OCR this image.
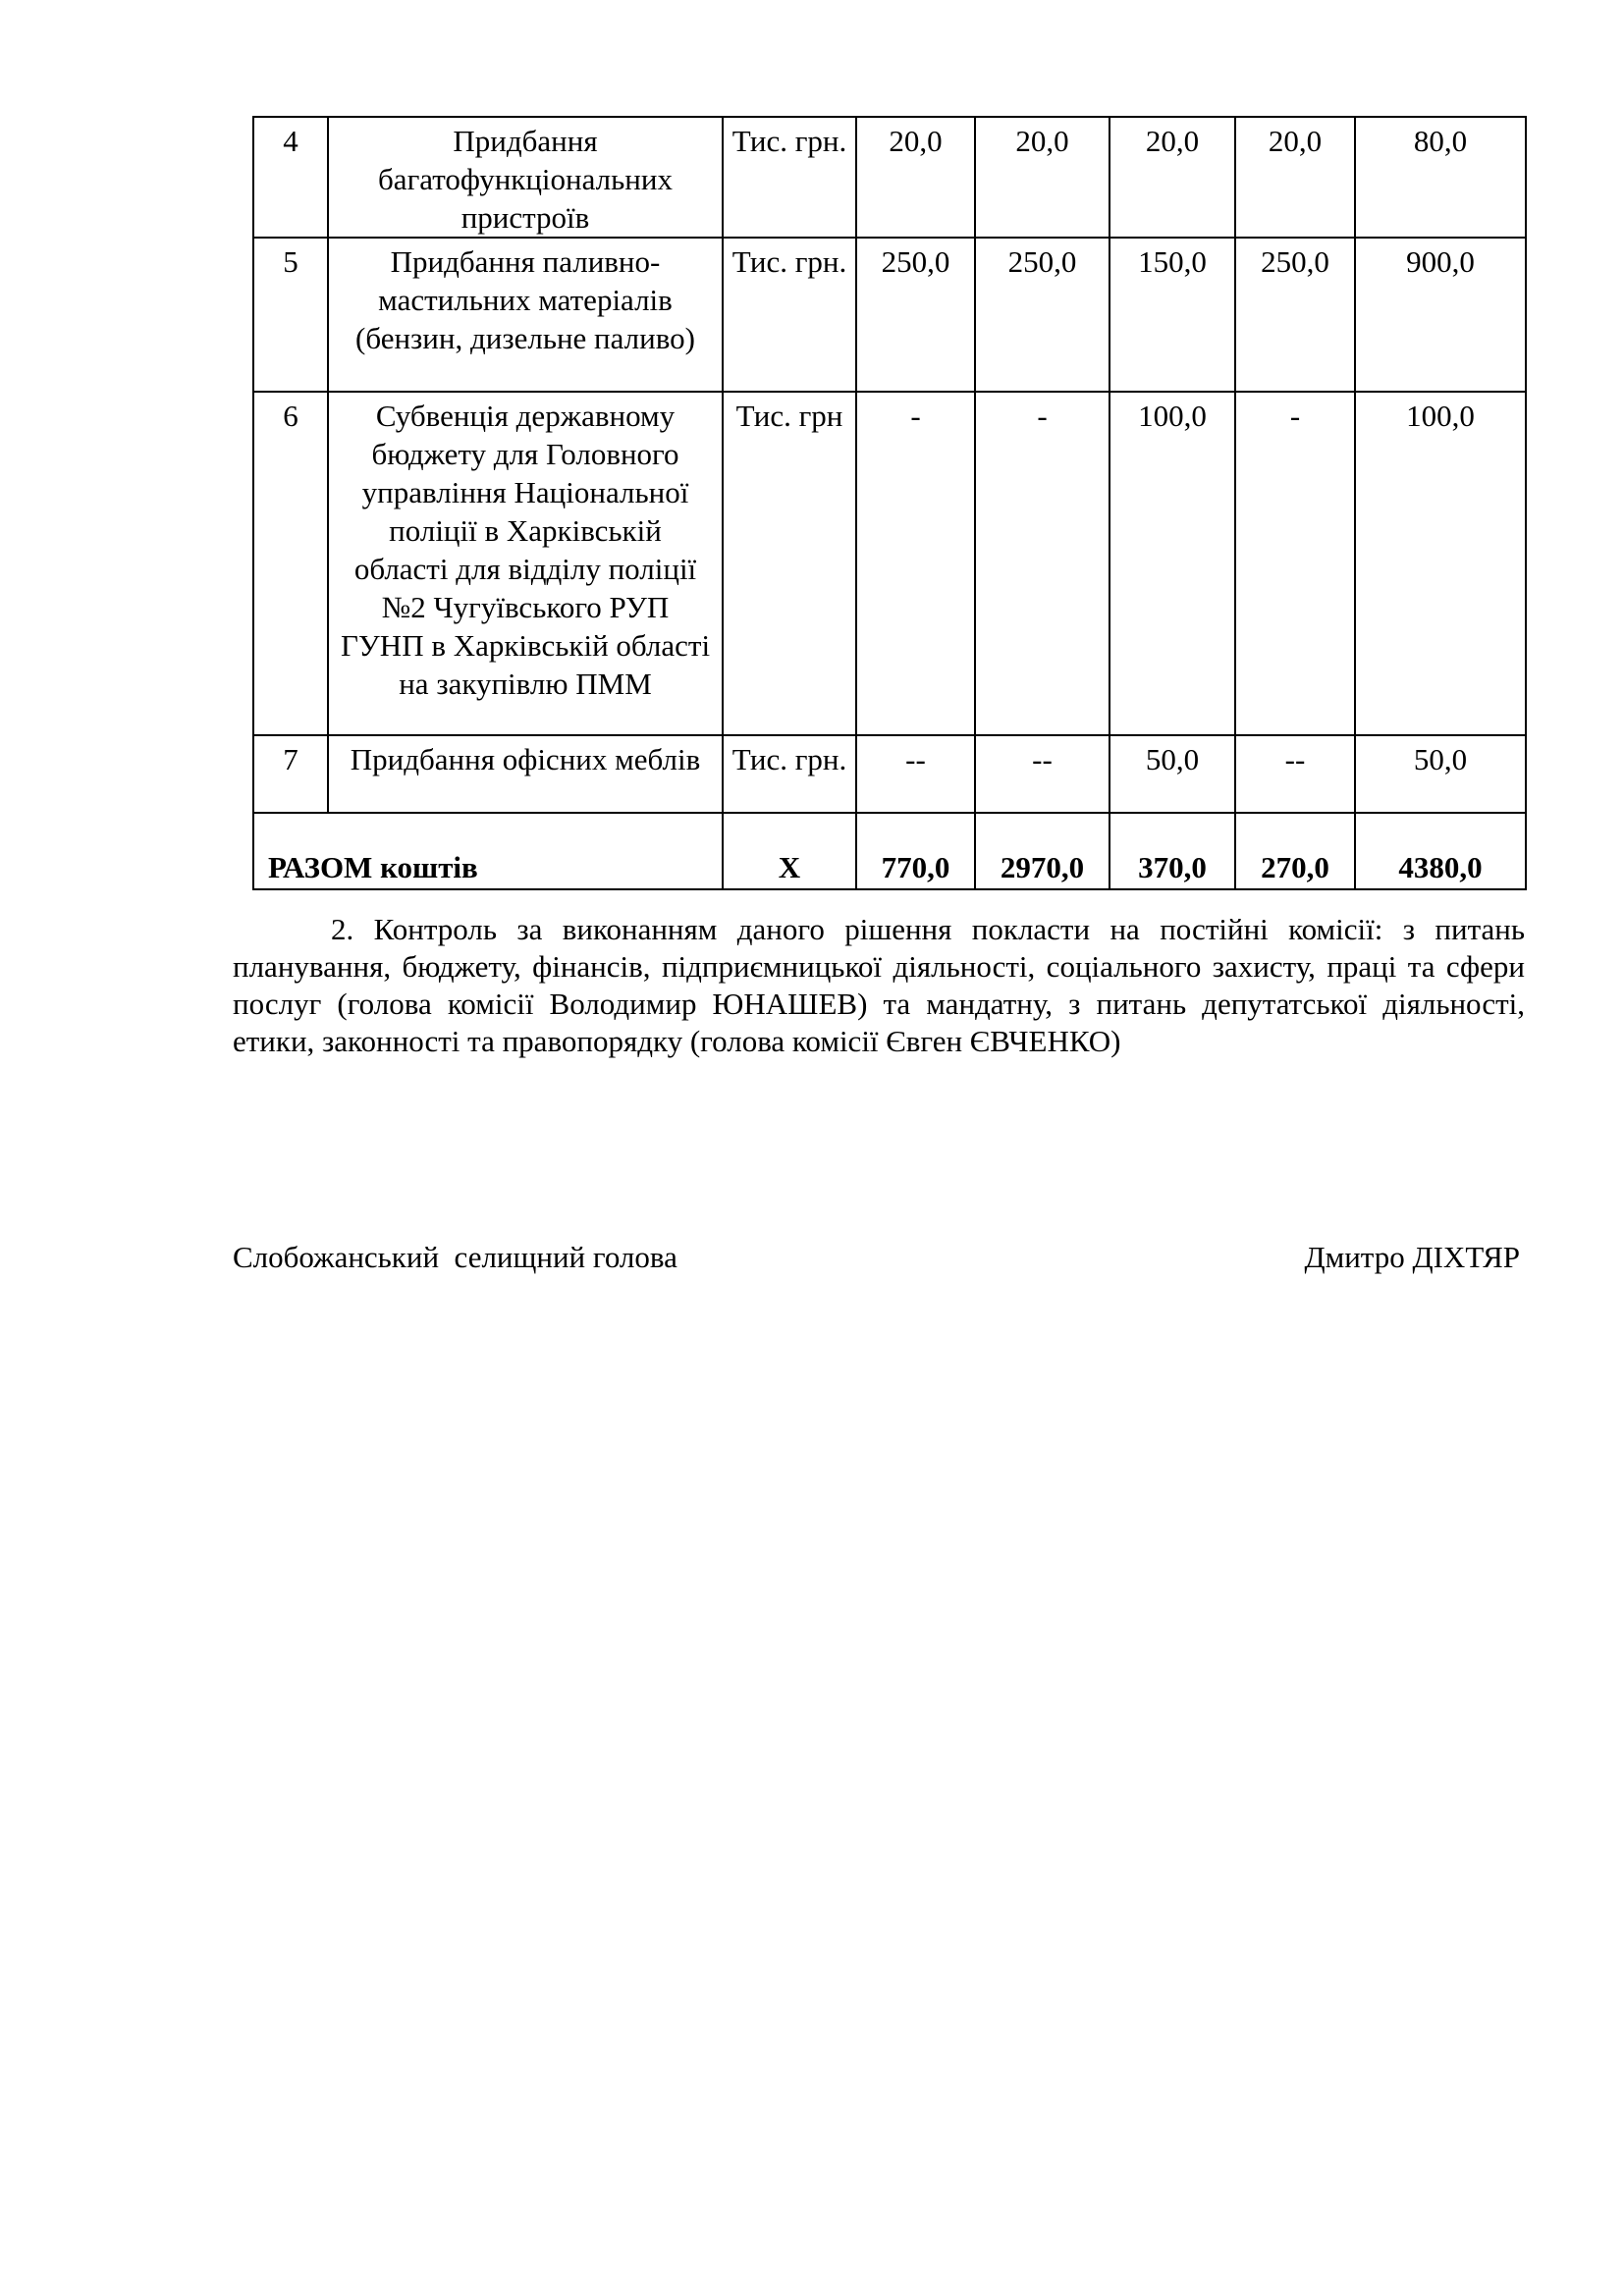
4	Придбання багатофункціональних пристроїв	Тис. грн.	20,0	20,0	20,0	20,0	80,0
5	Придбання паливно-мастильних матеріалів (бензин, дизельне паливо)	Тис. грн.	250,0	250,0	150,0	250,0	900,0
6	Субвенція державному бюджету для Головного управління Національної поліції в Харківській області для відділу поліції №2 Чугуївського РУП ГУНП в Харківській області на закупівлю ПММ	Тис. грн	-	-	100,0	-	100,0
7	Придбання офісних меблів	Тис. грн.	--	--	50,0	--	50,0
РАЗОМ коштів		Х	770,0	2970,0	370,0	270,0	4380,0

2. Контроль за виконанням даного рішення покласти на постійні комісії: з питань планування, бюджету, фінансів, підприємницької діяльності, соціального захисту, праці та сфери послуг (голова комісії Володимир ЮНАШЕВ) та мандатну, з питань депутатської діяльності, етики, законності та правопорядку (голова комісії Євген ЄВЧЕНКО)

Слобожанський  селищний голова	Дмитро ДІХТЯР
